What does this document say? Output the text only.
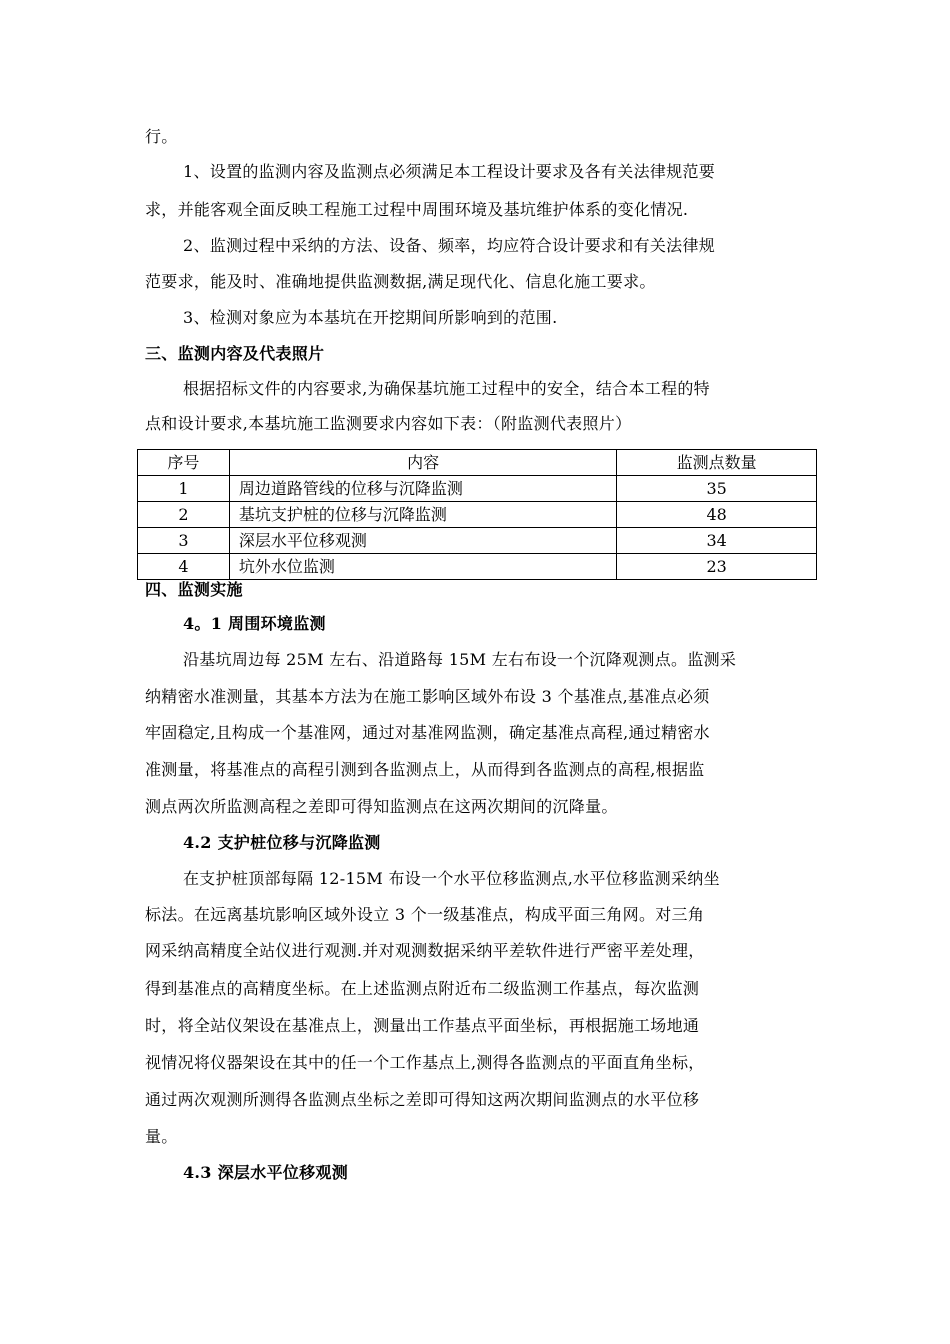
行。
1、设置的监测内容及监测点必须满足本工程设计要求及各有关法律规范要
求，并能客观全面反映工程施工过程中周围环境及基坑维护体系的变化情况.
2、监测过程中采纳的方法、设备、频率，均应符合设计要求和有关法律规
范要求，能及时、准确地提供监测数据,满足现代化、信息化施工要求。
3、检测对象应为本基坑在开挖期间所影响到的范围.
三、监测内容及代表照片
根据招标文件的内容要求,为确保基坑施工过程中的安全，结合本工程的特
点和设计要求,本基坑施工监测要求内容如下表：（附监测代表照片）
序号	内容	监测点数量
1	周边道路管线的位移与沉降监测	35
2	基坑支护桩的位移与沉降监测	48
3	深层水平位移观测	34
4	坑外水位监测	23
四、监测实施
4。1 周围环境监测
沿基坑周边每 25M 左右、沿道路每 15M 左右布设一个沉降观测点。监测采
纳精密水准测量，其基本方法为在施工影响区域外布设 3 个基准点,基准点必须
牢固稳定,且构成一个基准网，通过对基准网监测，确定基准点高程,通过精密水
准测量，将基准点的高程引测到各监测点上，从而得到各监测点的高程,根据监
测点两次所监测高程之差即可得知监测点在这两次期间的沉降量。
4.2 支护桩位移与沉降监测
在支护桩顶部每隔 12-15M 布设一个水平位移监测点,水平位移监测采纳坐
标法。在远离基坑影响区域外设立 3 个一级基准点，构成平面三角网。对三角
网采纳高精度全站仪进行观测.并对观测数据采纳平差软件进行严密平差处理，
得到基准点的高精度坐标。在上述监测点附近布二级监测工作基点，每次监测
时，将全站仪架设在基准点上，测量出工作基点平面坐标，再根据施工场地通
视情况将仪器架设在其中的任一个工作基点上,测得各监测点的平面直角坐标，
通过两次观测所测得各监测点坐标之差即可得知这两次期间监测点的水平位移
量。
4.3 深层水平位移观测
